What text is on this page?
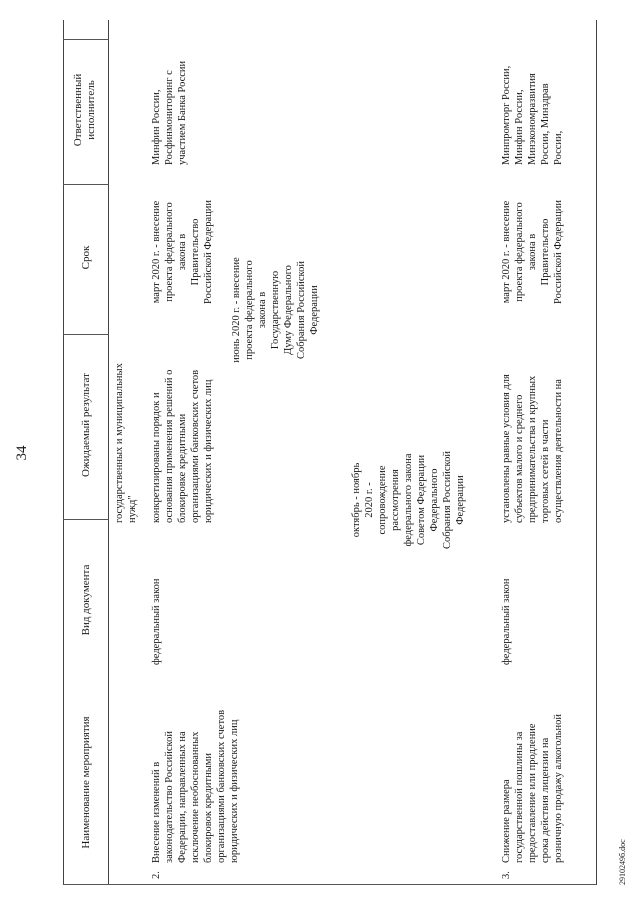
34
Наименование мероприятия
Вид документа
Ожидаемый результат
Срок
Ответственный
исполнитель
государственных и муниципальных
нужд"
2.
Внесение изменений в
законодательство Российской
Федерации, направленных на
исключение необоснованных
блокировок кредитными
организациями банковских счетов
юридических и физических лиц
федеральный закон
конкретизированы порядок и
основания применения решений о
блокировке кредитными
организациями банковских счетов
юридических и физических лиц
март 2020 г. - внесение
проекта федерального
закона в
Правительство
Российской Федерации
июнь 2020 г. - внесение
проекта федерального
закона в
Государственную
Думу Федерального
Собрания Российской
Федерации
октябрь - ноябрь
2020 г. -
сопровождение
рассмотрения
федерального закона
Советом Федерации
Федерального
Собрания Российской
Федерации
Минфин России,
Росфинмониторинг с
участием Банка России
3.
Снижение размера
государственной пошлины за
предоставление или продление
срока действия лицензии на
розничную продажу алкогольной
федеральный закон
установлены равные условия для
субъектов малого и среднего
предпринимательства и крупных
торговых сетей в части
осуществления деятельности на
март 2020 г. - внесение
проекта федерального
закона в
Правительство
Российской Федерации
Минпромторг России,
Минфин России,
Минэкономразвития
России, Минздрав
России,
2910249б.doc
